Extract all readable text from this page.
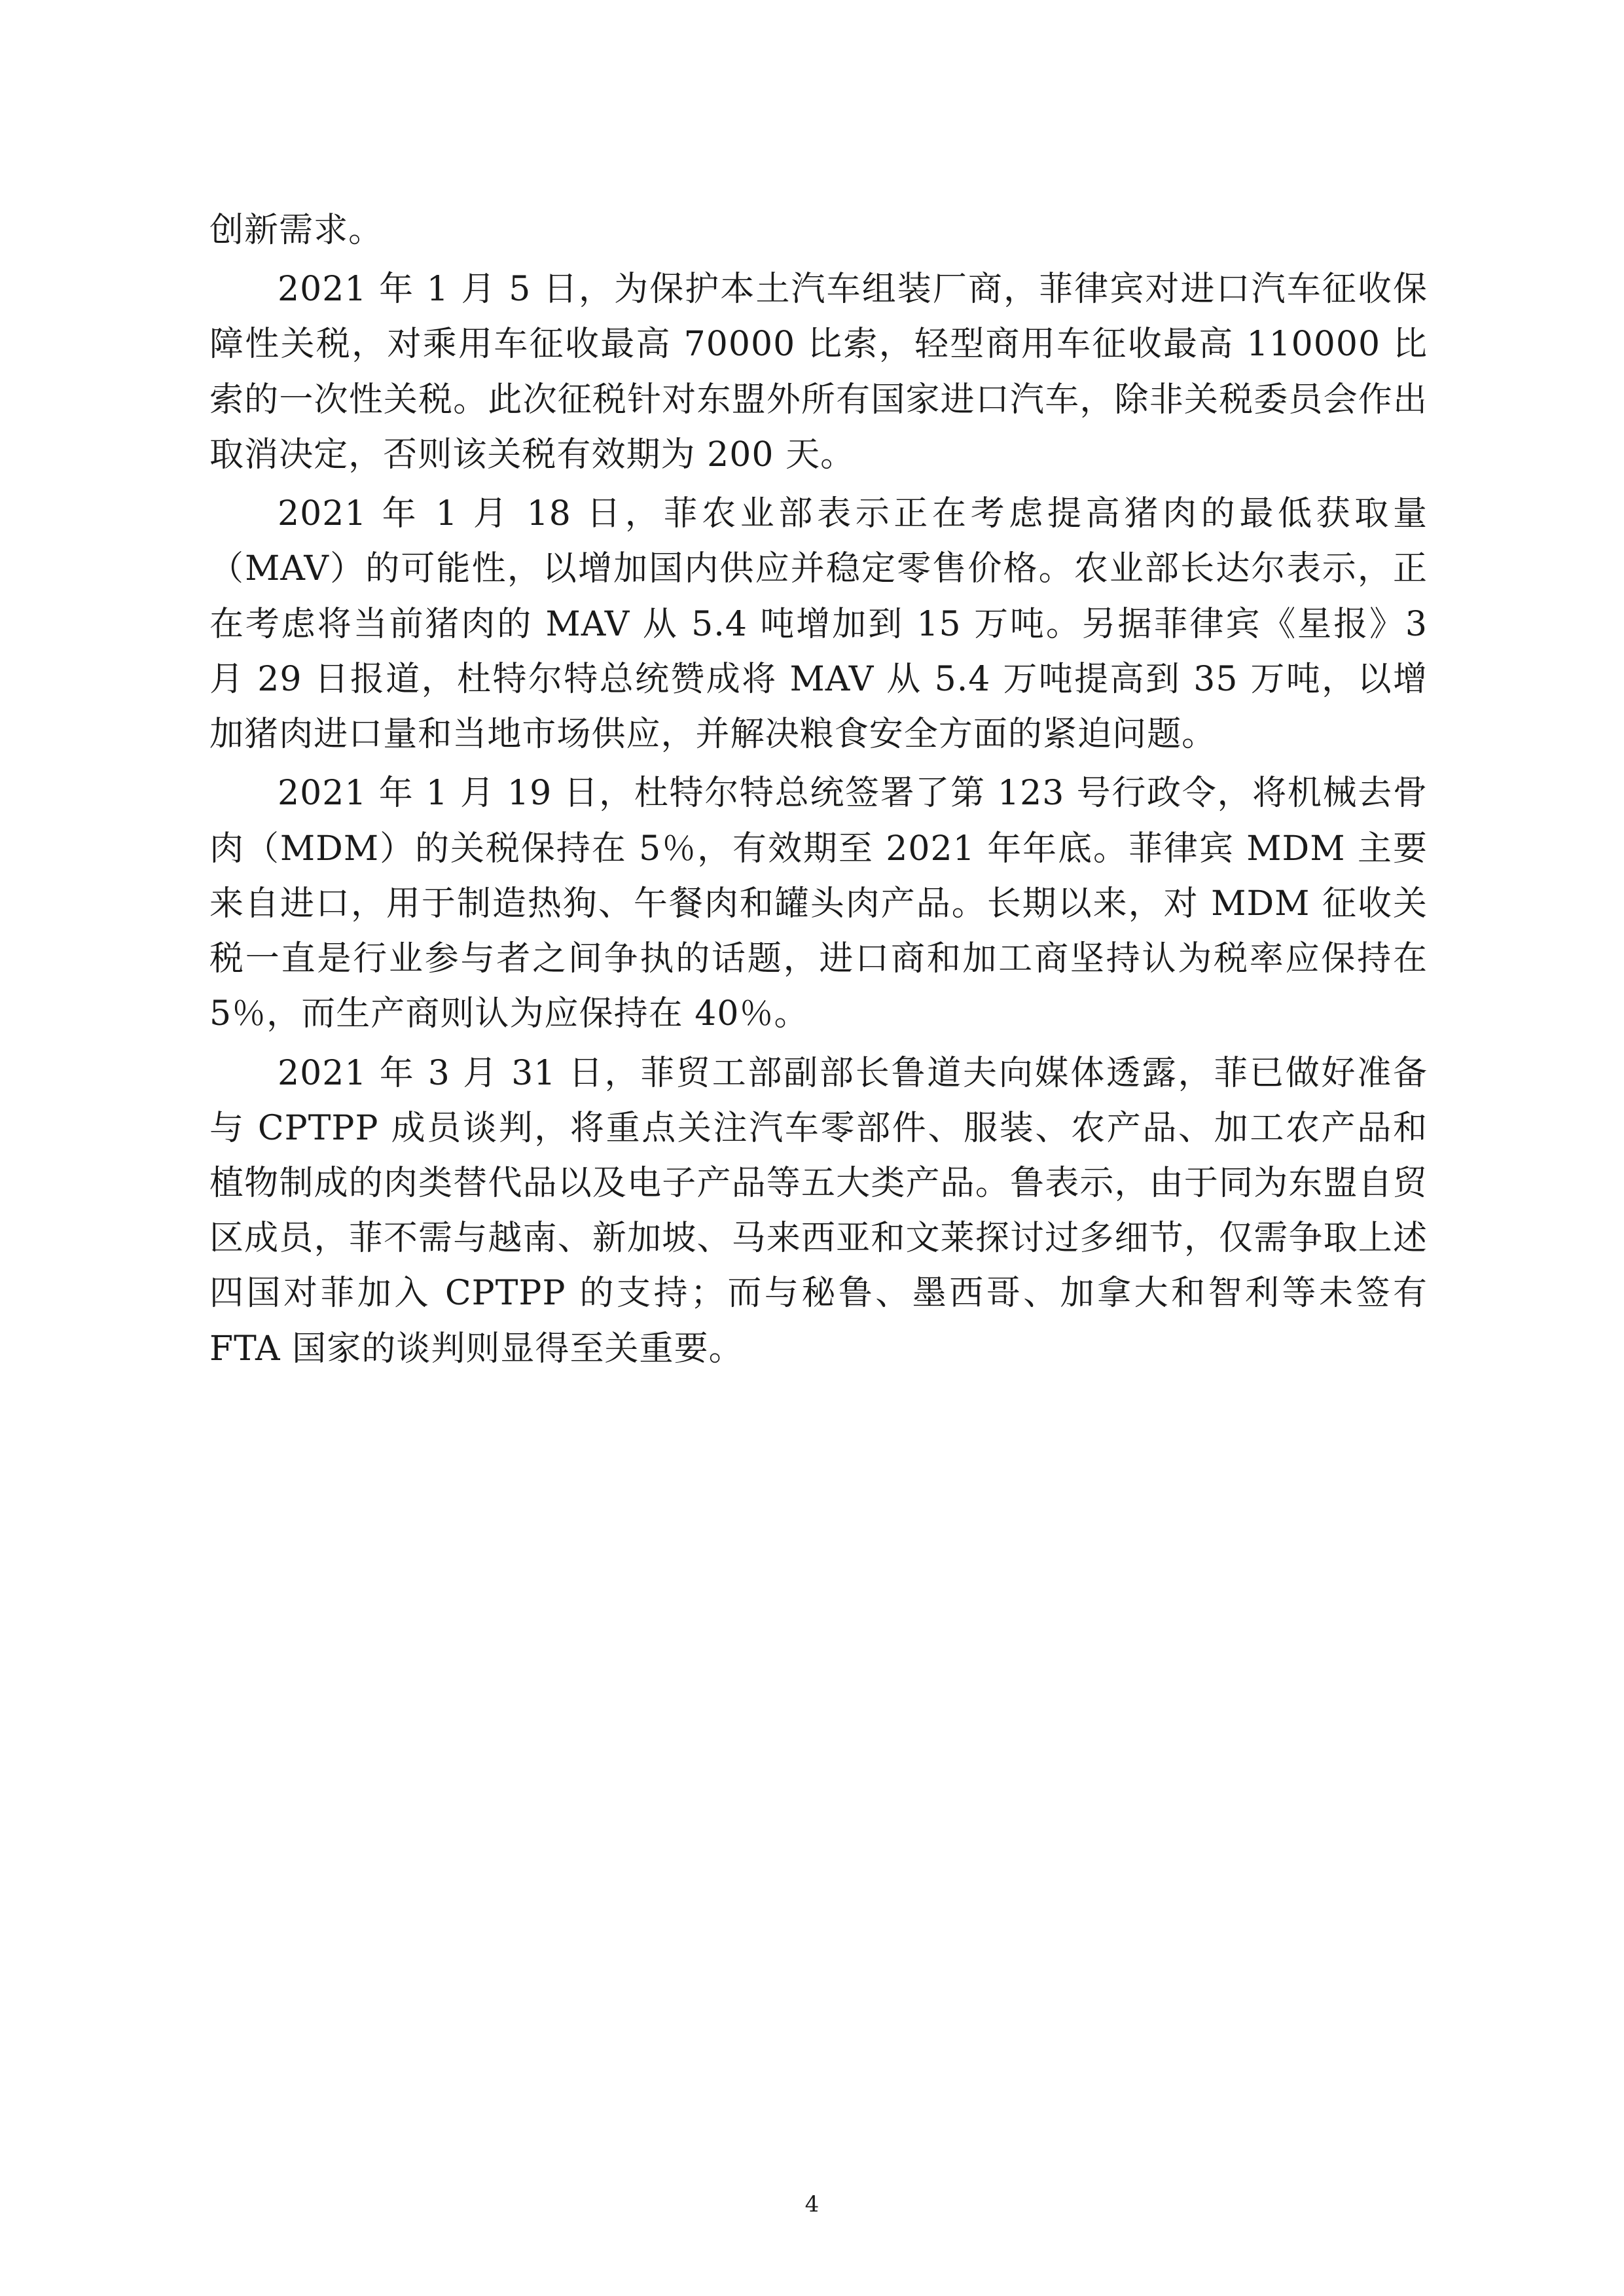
创新需求。

2021 年 1 月 5 日，为保护本土汽车组装厂商，菲律宾对进口汽车征收保障性关税，对乘用车征收最高 70000 比索，轻型商用车征收最高 110000 比索的一次性关税。此次征税针对东盟外所有国家进口汽车，除非关税委员会作出取消决定，否则该关税有效期为 200 天。

2021 年 1 月 18 日，菲农业部表示正在考虑提高猪肉的最低获取量（MAV）的可能性，以增加国内供应并稳定零售价格。农业部长达尔表示，正在考虑将当前猪肉的 MAV 从 5.4 吨增加到 15 万吨。另据菲律宾《星报》3 月 29 日报道，杜特尔特总统赞成将 MAV 从 5.4 万吨提高到 35 万吨，以增加猪肉进口量和当地市场供应，并解决粮食安全方面的紧迫问题。

2021 年 1 月 19 日，杜特尔特总统签署了第 123 号行政令，将机械去骨肉（MDM）的关税保持在 5％，有效期至 2021 年年底。菲律宾 MDM 主要来自进口，用于制造热狗、午餐肉和罐头肉产品。长期以来，对 MDM 征收关税一直是行业参与者之间争执的话题，进口商和加工商坚持认为税率应保持在 5％，而生产商则认为应保持在 40％。

2021 年 3 月 31 日，菲贸工部副部长鲁道夫向媒体透露，菲已做好准备与 CPTPP 成员谈判，将重点关注汽车零部件、服装、农产品、加工农产品和植物制成的肉类替代品以及电子产品等五大类产品。鲁表示，由于同为东盟自贸区成员，菲不需与越南、新加坡、马来西亚和文莱探讨过多细节，仅需争取上述四国对菲加入 CPTPP 的支持；而与秘鲁、墨西哥、加拿大和智利等未签有 FTA 国家的谈判则显得至关重要。

4
